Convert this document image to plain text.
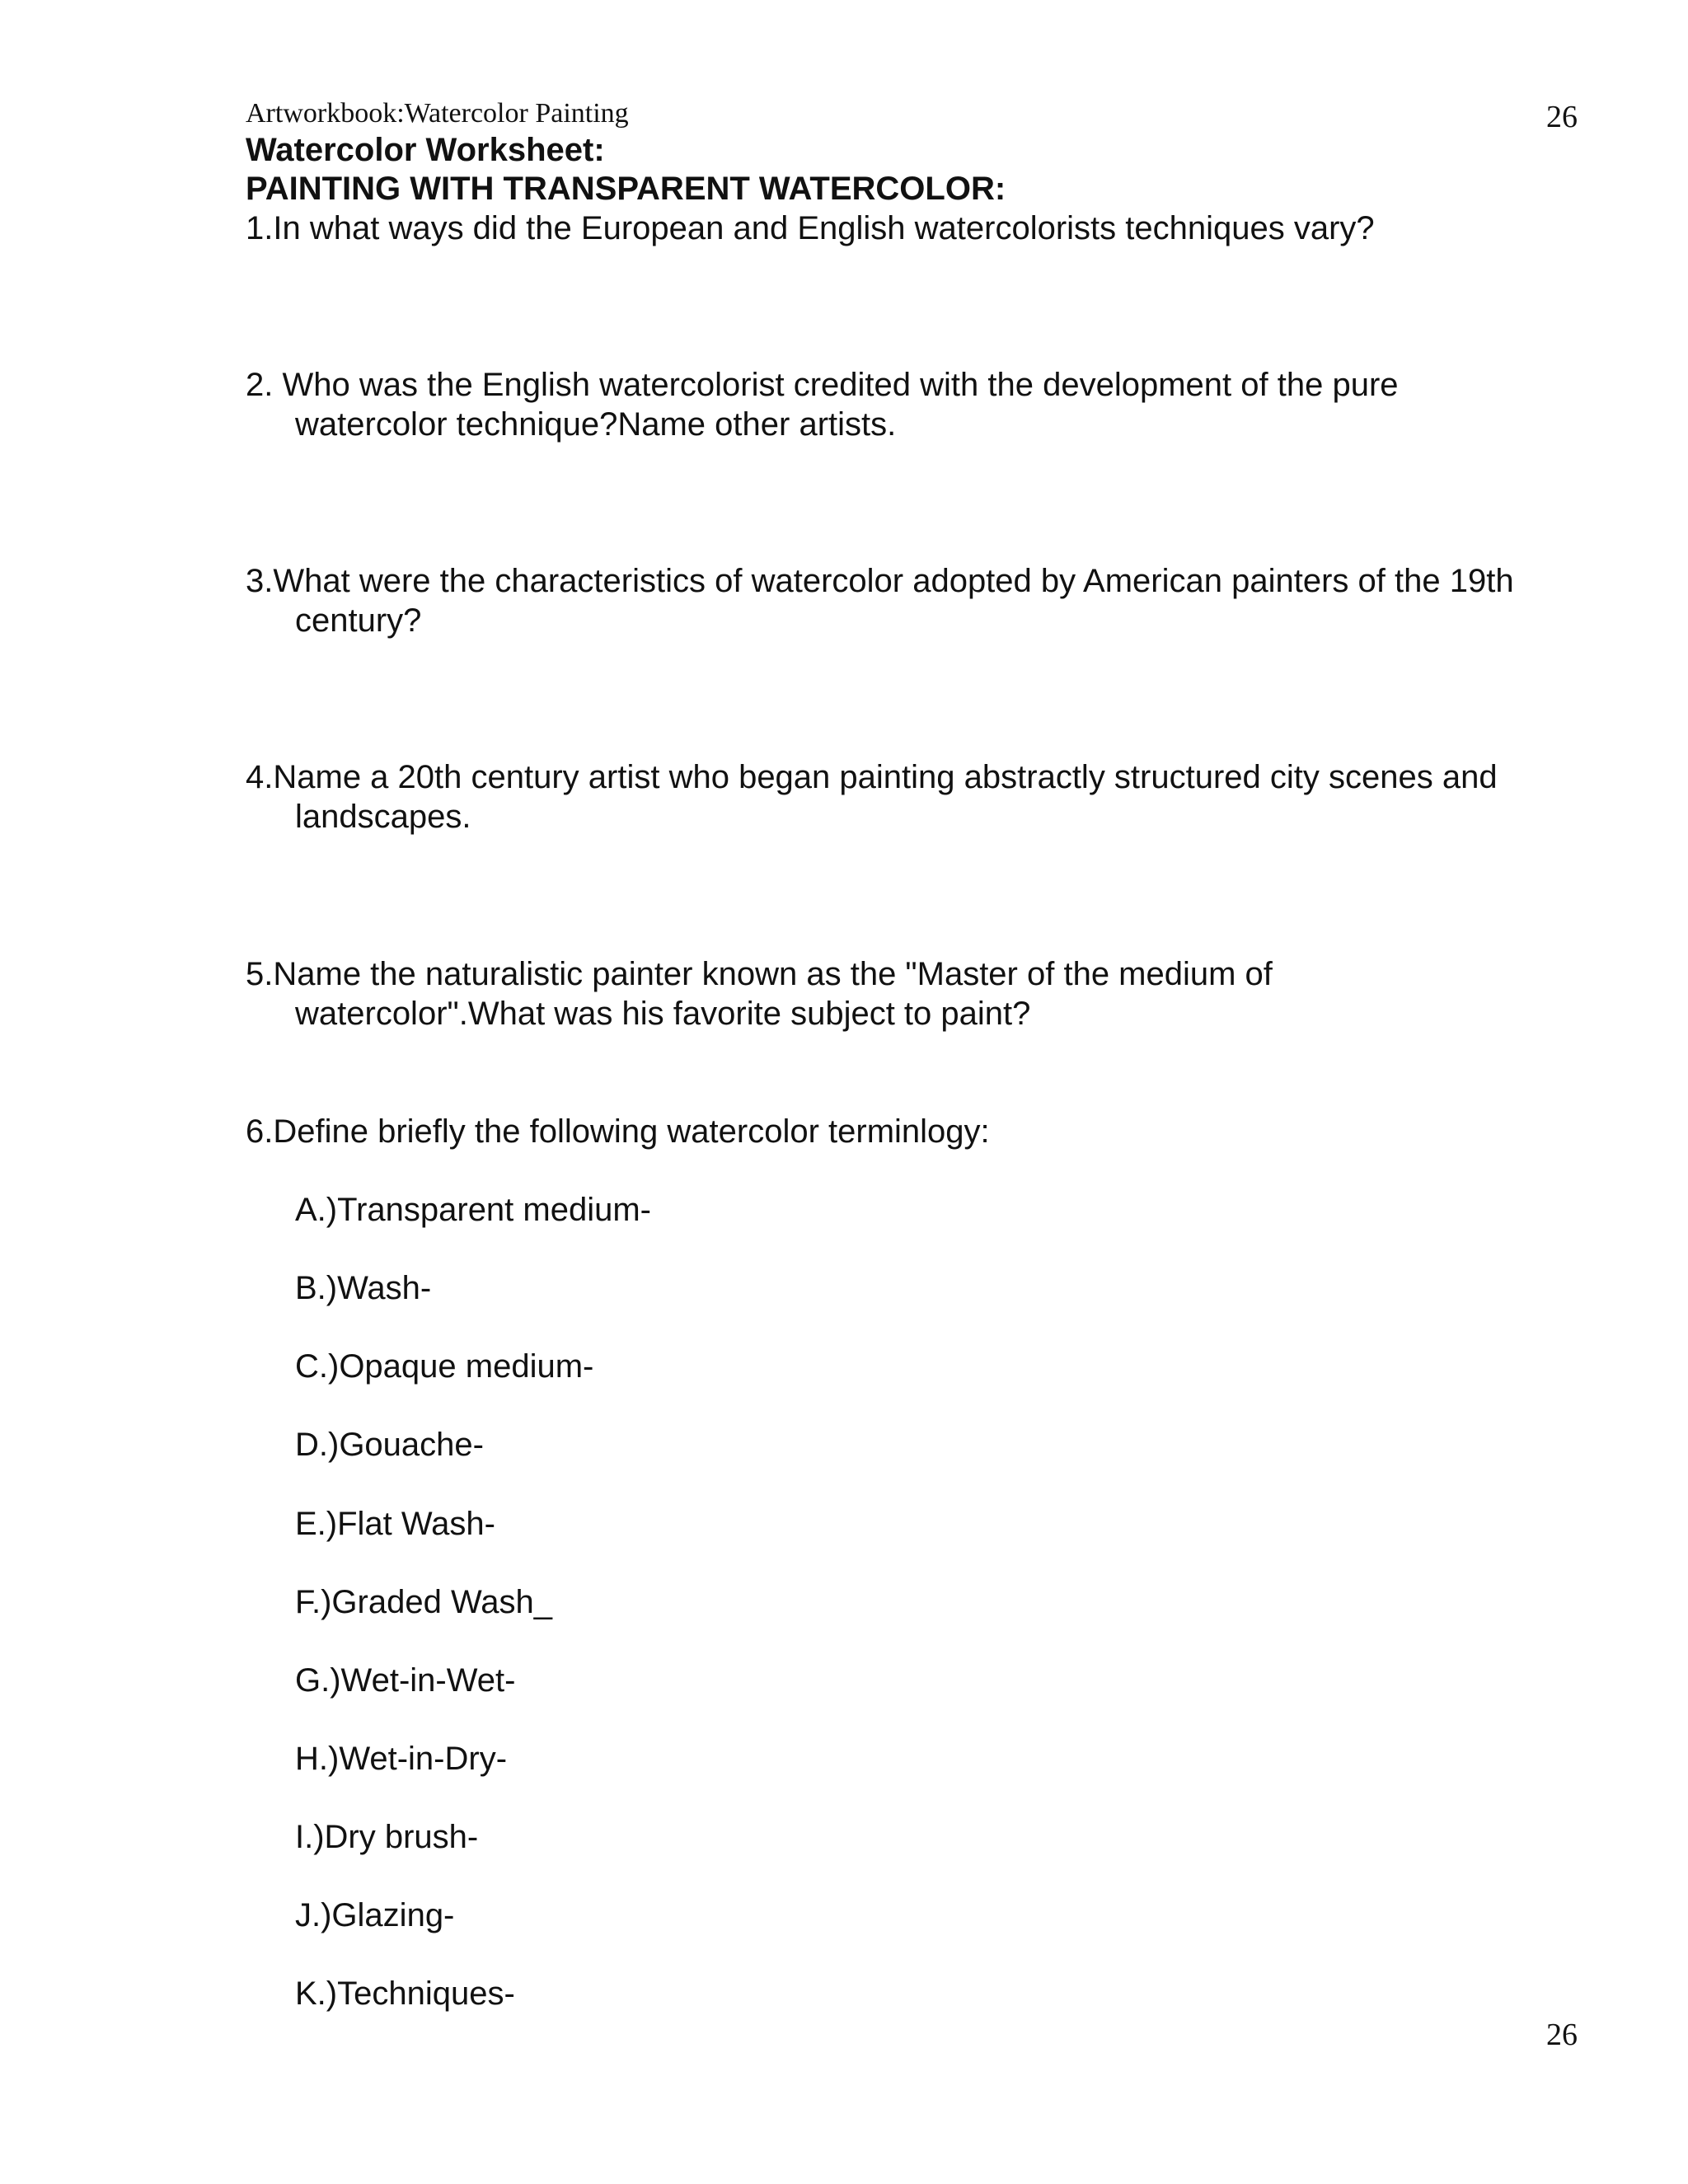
Artworkbook:Watercolor Painting	26
Watercolor Worksheet:
PAINTING WITH TRANSPARENT WATERCOLOR:
1.In what ways did the European and English watercolorists techniques vary?
2. Who was the English watercolorist credited with the development of the pure
watercolor technique?Name other artists.
3.What were the characteristics of watercolor adopted by American painters of the 19th
century?
4.Name a 20th century artist who began painting abstractly structured city scenes and
landscapes.
5.Name the naturalistic painter known as the "Master of the medium of
watercolor".What was his favorite subject to paint?
6.Define briefly the following watercolor terminlogy:
A.)Transparent medium-
B.)Wash-
C.)Opaque medium-
D.)Gouache-
E.)Flat Wash-
F.)Graded Wash_
G.)Wet-in-Wet-
H.)Wet-in-Dry-
I.)Dry brush-
J.)Glazing-
K.)Techniques-
26
